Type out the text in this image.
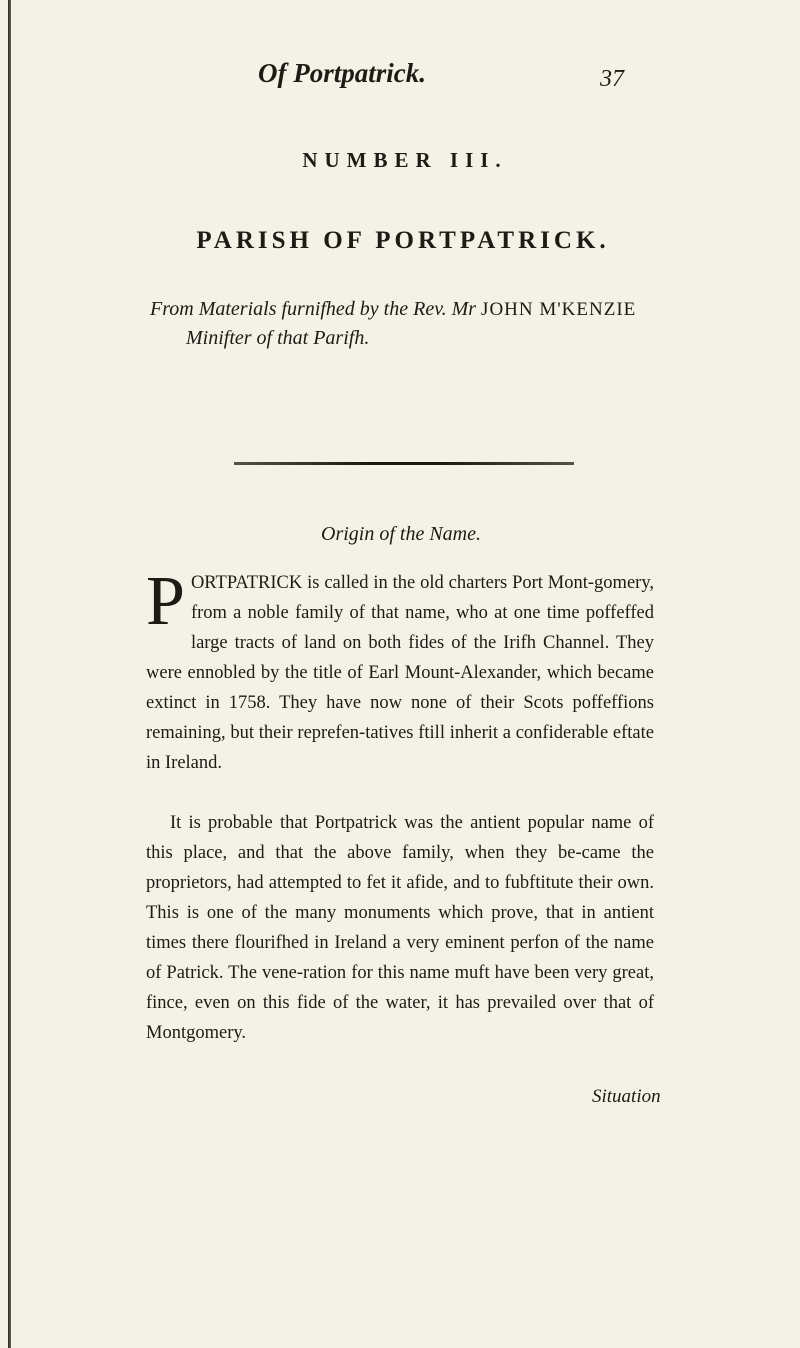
Of Portpatrick.	37
NUMBER III.
PARISH OF PORTPATRICK.
From Materials furnifhed by the Rev. Mr JOHN M'KENZIE
Minifter of that Parifh.
Origin of the Name.

PORTPATRICK is called in the old charters Port Mont-gomery, from a noble family of that name, who at one time poffeffed large tracts of land on both fides of the Irifh Channel. They were ennobled by the title of Earl Mount-Alexander, which became extinct in 1758. They have now none of their Scots poffeffions remaining, but their reprefen-tatives ftill inherit a confiderable eftate in Ireland.

It is probable that Portpatrick was the antient popular name of this place, and that the above family, when they be-came the proprietors, had attempted to fet it afide, and to fubftitute their own. This is one of the many monuments which prove, that in antient times there flourifhed in Ireland a very eminent perfon of the name of Patrick. The vene-ration for this name muft have been very great, fince, even on this fide of the water, it has prevailed over that of Montgomery.

Situation
